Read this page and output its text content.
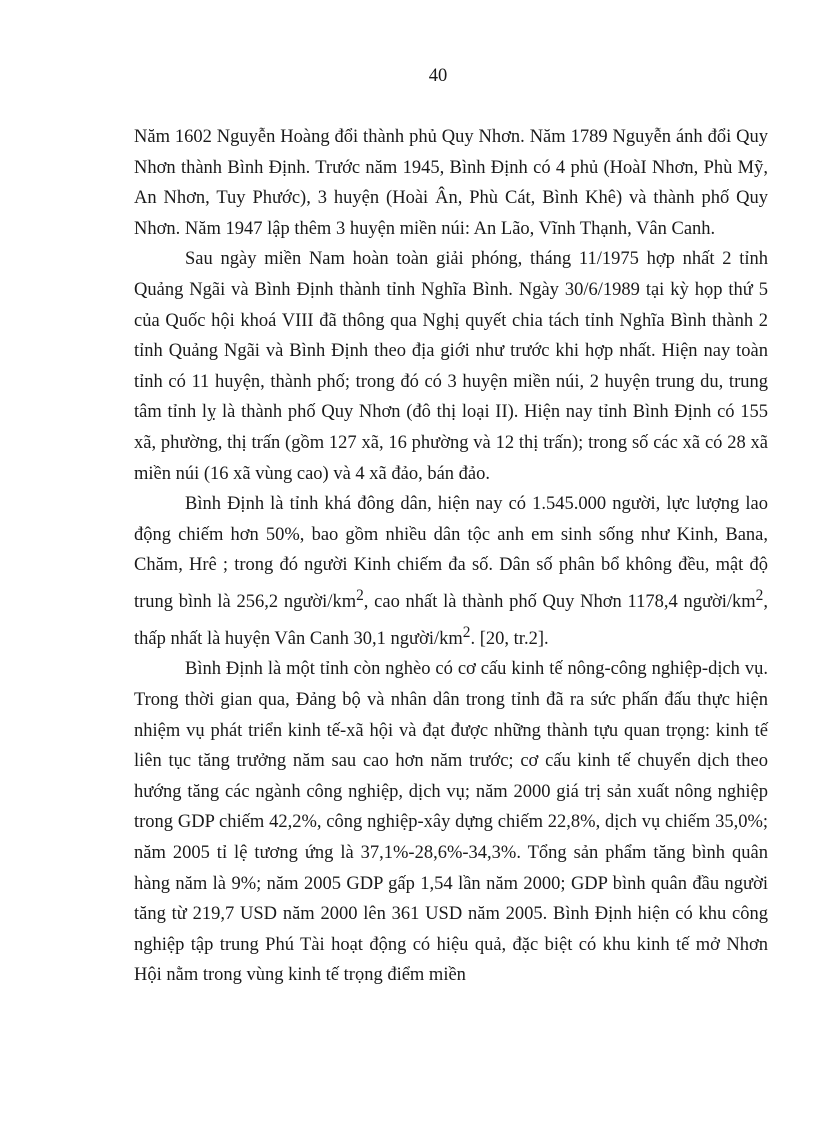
40

Năm 1602 Nguyễn Hoàng đổi thành phủ Quy Nhơn. Năm 1789 Nguyễn ánh đổi Quy Nhơn thành Bình Định. Trước năm 1945, Bình Định có 4 phủ (HoàI Nhơn, Phù Mỹ, An Nhơn, Tuy Phước), 3 huyện (Hoài Ân, Phù Cát, Bình Khê) và thành phố Quy Nhơn. Năm 1947 lập thêm 3 huyện miền núi: An Lão, Vĩnh Thạnh, Vân Canh.

Sau ngày miền Nam hoàn toàn giải phóng, tháng 11/1975 hợp nhất 2 tỉnh Quảng Ngãi và Bình Định thành tỉnh Nghĩa Bình. Ngày 30/6/1989 tại kỳ họp thứ 5 của Quốc hội khoá VIII đã thông qua Nghị quyết chia tách tỉnh Nghĩa Bình thành 2 tỉnh Quảng Ngãi và Bình Định theo địa giới như trước khi hợp nhất. Hiện nay toàn tỉnh có 11 huyện, thành phố; trong đó có 3 huyện miền núi, 2 huyện trung du, trung tâm tỉnh lỵ là thành phố Quy Nhơn (đô thị loại II). Hiện nay tỉnh Bình Định có 155 xã, phường, thị trấn (gồm 127 xã, 16 phường và 12 thị trấn); trong số các xã có 28 xã miền núi (16 xã vùng cao) và 4 xã đảo, bán đảo.

Bình Định là tỉnh khá đông dân, hiện nay có 1.545.000 người, lực lượng lao động chiếm hơn 50%, bao gồm nhiều dân tộc anh em sinh sống như Kinh, Bana, Chăm, Hrê ; trong đó người Kinh chiếm đa số. Dân số phân bổ không đều, mật độ trung bình là 256,2 người/$km^2$, cao nhất là thành phố Quy Nhơn 1178,4 người/$km^2$, thấp nhất là huyện Vân Canh 30,1 người/$km^2$. [20, tr.2].

Bình Định là một tỉnh còn nghèo có cơ cấu kinh tế nông-công nghiệp-dịch vụ. Trong thời gian qua, Đảng bộ và nhân dân trong tỉnh đã ra sức phấn đấu thực hiện nhiệm vụ phát triển kinh tế-xã hội và đạt được những thành tựu quan trọng: kinh tế liên tục tăng trưởng năm sau cao hơn năm trước; cơ cấu kinh tế chuyển dịch theo hướng tăng các ngành công nghiệp, dịch vụ; năm 2000 giá trị sản xuất nông nghiệp trong GDP chiếm 42,2%, công nghiệp-xây dựng chiếm 22,8%, dịch vụ chiếm 35,0%; năm 2005 tỉ lệ tương ứng là 37,1%-28,6%-34,3%. Tổng sản phẩm tăng bình quân hàng năm là 9%; năm 2005 GDP gấp 1,54 lần năm 2000; GDP bình quân đầu người tăng từ 219,7 USD năm 2000 lên 361 USD năm 2005. Bình Định hiện có khu công nghiệp tập trung Phú Tài hoạt động có hiệu quả, đặc biệt có khu kinh tế mở Nhơn Hội nằm trong vùng kinh tế trọng điểm miền
